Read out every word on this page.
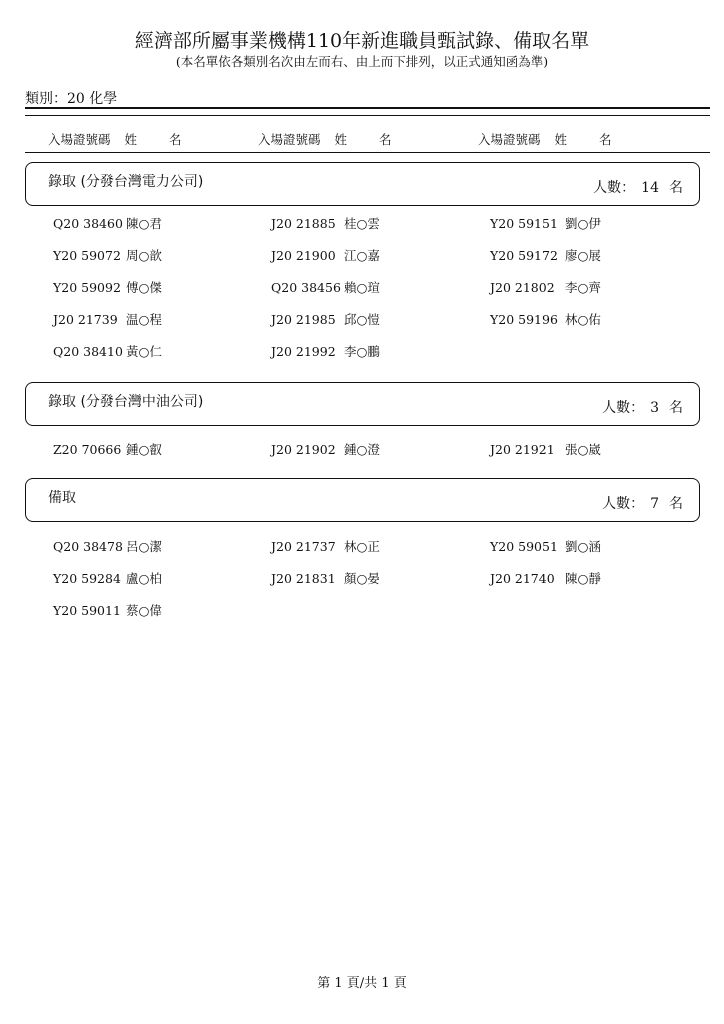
經濟部所屬事業機構110年新進職員甄試錄、備取名單
(本名單依各類別名次由左而右、由上而下排列，以正式通知函為準)
類別：20 化學
入場證號碼 姓 名	入場證號碼 姓 名	入場證號碼 姓 名
錄取 (分發台灣電力公司)	人數： 14 名
Q20 38460 陳○君	J20 21885 桂○雲	Y20 59151 劉○伊
Y20 59072 周○歆	J20 21900 江○嘉	Y20 59172 廖○展
Y20 59092 傅○傑	Q20 38456 賴○瑄	J20 21802 李○齊
J20 21739 温○程	J20 21985 邱○愷	Y20 59196 林○佑
Q20 38410 黃○仁	J20 21992 李○鵬
錄取 (分發台灣中油公司)	人數： 3 名
Z20 70666 鍾○叡	J20 21902 鍾○澄	J20 21921 張○崴
備取	人數： 7 名
Q20 38478 呂○潔	J20 21737 林○正	Y20 59051 劉○涵
Y20 59284 盧○柏	J20 21831 顏○晏	J20 21740 陳○靜
Y20 59011 蔡○偉
第 1 頁/共 1 頁
